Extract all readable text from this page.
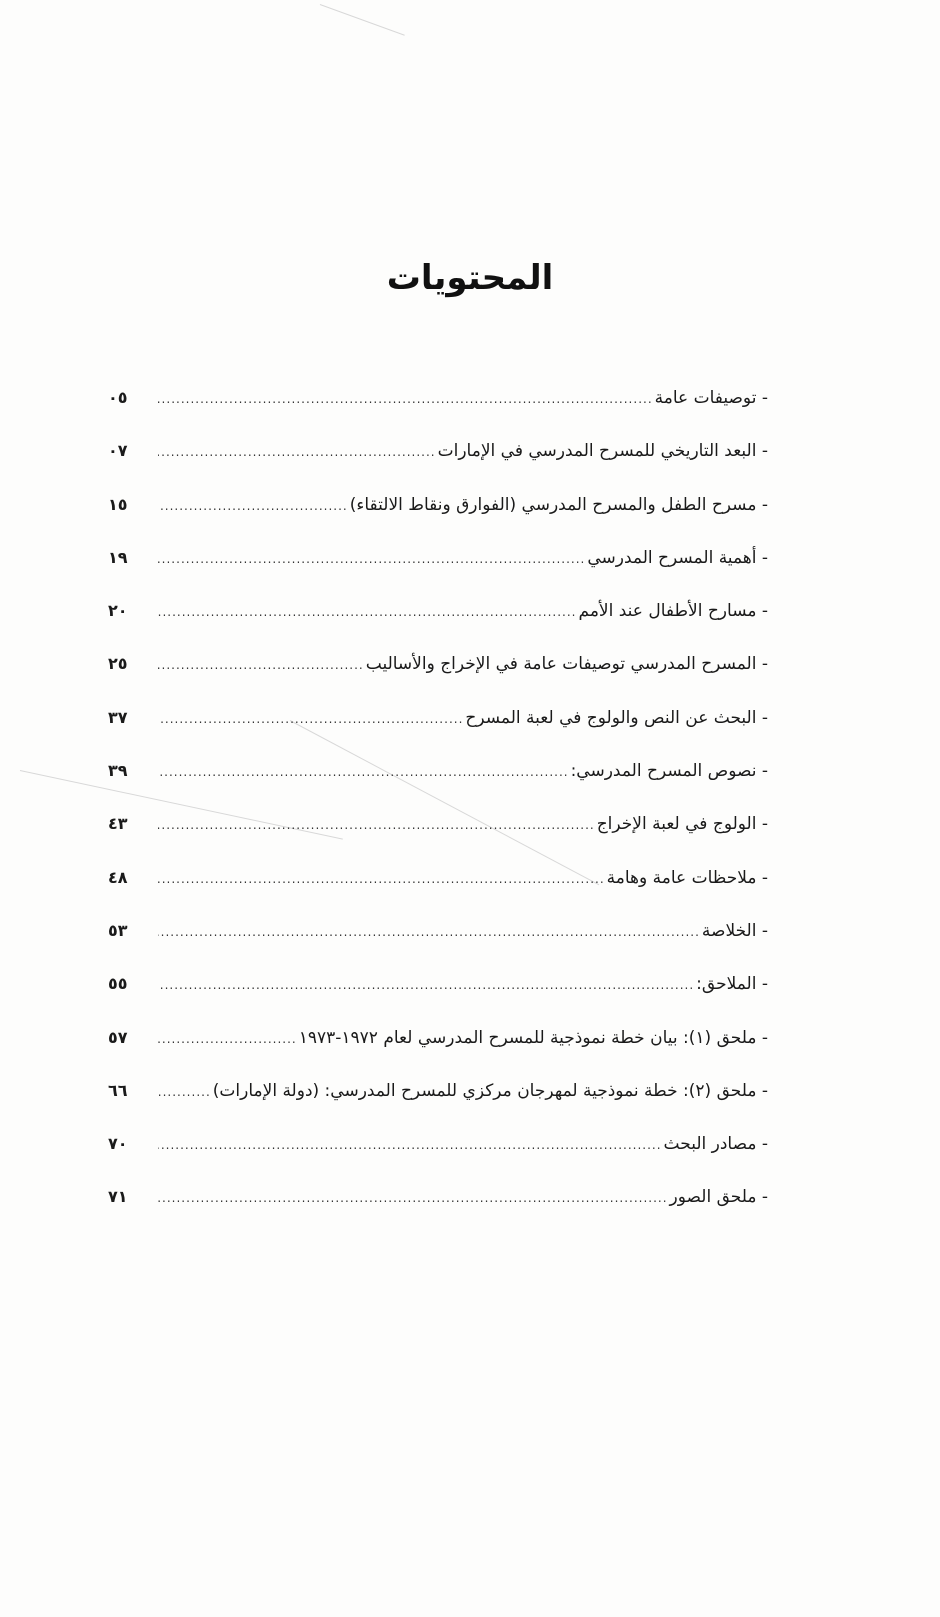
المحتويات
- توصيفات عامة
.....
٠٥
- البعد التاريخي للمسرح المدرسي في الإمارات
.....
٠٧
- مسرح الطفل والمسرح المدرسي (الفوارق ونقاط الالتقاء)
.....
١٥
- أهمية المسرح المدرسي
.....
١٩
- مسارح الأطفال عند الأمم
.....
٢٠
- المسرح المدرسي توصيفات عامة في الإخراج والأساليب
.....
٢٥
- البحث عن النص والولوج في لعبة المسرح
.....
٣٧
- نصوص المسرح المدرسي:
.....
٣٩
- الولوج في لعبة الإخراج
.....
٤٣
- ملاحظات عامة وهامة
.....
٤٨
- الخلاصة
.....
٥٣
- الملاحق:
.....
٥٥
- ملحق (١): بيان خطة نموذجية للمسرح المدرسي لعام ١٩٧٢-١٩٧٣
.....
٥٧
- ملحق (٢): خطة نموذجية لمهرجان مركزي للمسرح المدرسي: (دولة الإمارات)
.....
٦٦
- مصادر البحث
.....
٧٠
- ملحق الصور
.....
٧١
